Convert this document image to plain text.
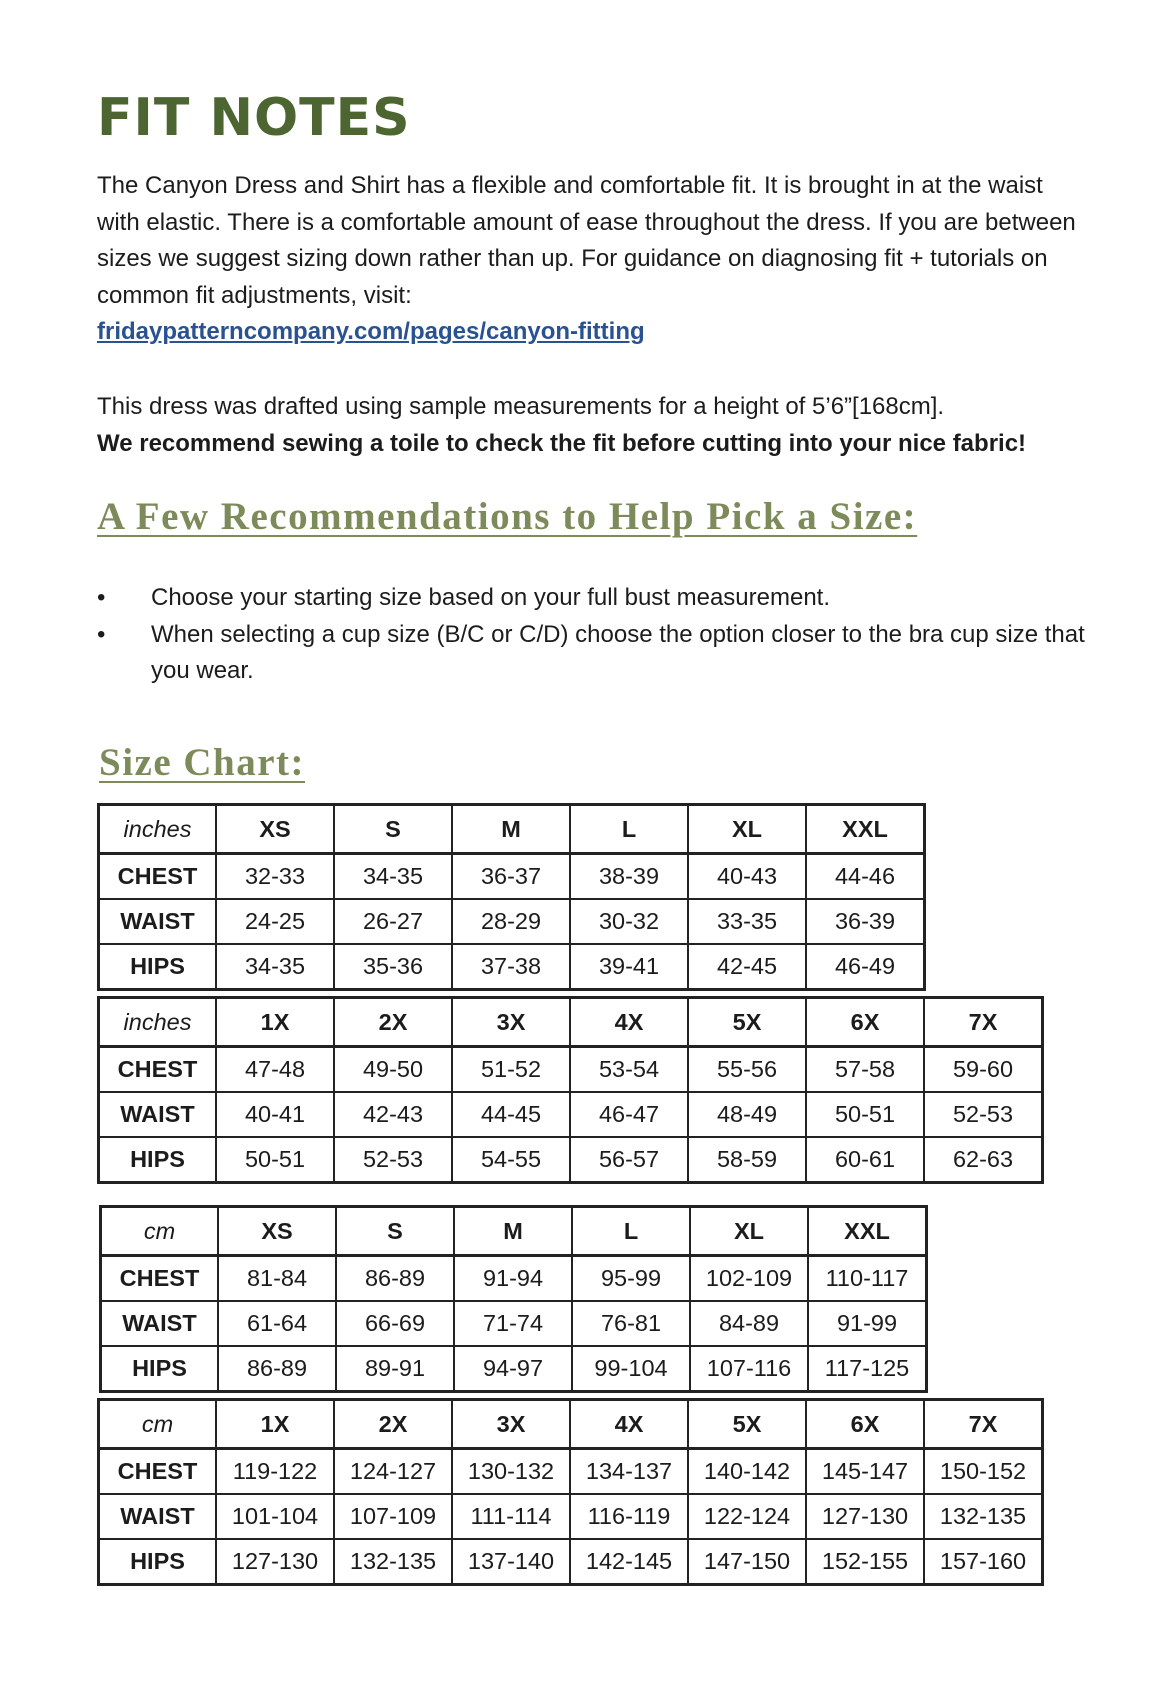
FIT NOTES

The Canyon Dress and Shirt has a flexible and comfortable fit. It is brought in at the waist with elastic. There is a comfortable amount of ease throughout the dress. If you are between sizes we suggest sizing down rather than up. For guidance on diagnosing fit + tutorials on common fit adjustments, visit:
fridaypatterncompany.com/pages/canyon-fitting

This dress was drafted using sample measurements for a height of 5’6”[168cm].

We recommend sewing a toile to check the fit before cutting into your nice fabric!

A Few Recommendations to Help Pick a Size:
• Choose your starting size based on your full bust measurement.
• When selecting a cup size (B/C or C/D) choose the option closer to the bra cup size that you wear.
Size Chart:
inches	XS	S	M	L	XL	XXL
CHEST	32-33	34-35	36-37	38-39	40-43	44-46
WAIST	24-25	26-27	28-29	30-32	33-35	36-39
HIPS	34-35	35-36	37-38	39-41	42-45	46-49
inches	1X	2X	3X	4X	5X	6X	7X
CHEST	47-48	49-50	51-52	53-54	55-56	57-58	59-60
WAIST	40-41	42-43	44-45	46-47	48-49	50-51	52-53
HIPS	50-51	52-53	54-55	56-57	58-59	60-61	62-63
cm	XS	S	M	L	XL	XXL
CHEST	81-84	86-89	91-94	95-99	102-109	110-117
WAIST	61-64	66-69	71-74	76-81	84-89	91-99
HIPS	86-89	89-91	94-97	99-104	107-116	117-125
cm	1X	2X	3X	4X	5X	6X	7X
CHEST	119-122	124-127	130-132	134-137	140-142	145-147	150-152
WAIST	101-104	107-109	111-114	116-119	122-124	127-130	132-135
HIPS	127-130	132-135	137-140	142-145	147-150	152-155	157-160
